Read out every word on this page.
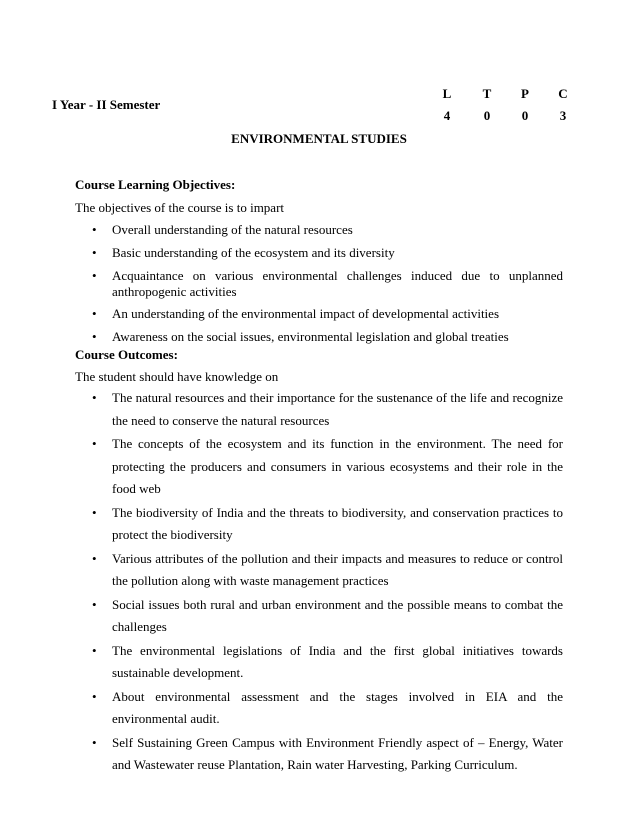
I Year - II Semester
L	T	P	C
4	0	0	3
ENVIRONMENTAL STUDIES
Course Learning Objectives:
The objectives of the course is to impart
• Overall understanding of the natural resources
• Basic understanding of the ecosystem and its diversity
• Acquaintance on various environmental challenges induced due to unplanned anthropogenic activities
• An understanding of the environmental impact of developmental activities
• Awareness on the social issues, environmental legislation and global treaties
Course Outcomes:
The student should have knowledge on
• The natural resources and their importance for the sustenance of the life and recognize the need to conserve the natural resources
• The concepts of the ecosystem and its function in the environment. The need for protecting the producers and consumers in various ecosystems and their role in the food web
• The biodiversity of India and the threats to biodiversity, and conservation practices to protect the biodiversity
• Various attributes of the pollution and their impacts and measures to reduce or control the pollution along with waste management practices
• Social issues both rural and urban environment and the possible means to combat the challenges
• The environmental legislations of India and the first global initiatives towards sustainable development.
• About environmental assessment and the stages involved in EIA and the environmental audit.
• Self Sustaining Green Campus with Environment Friendly aspect of – Energy, Water and Wastewater reuse Plantation, Rain water Harvesting, Parking Curriculum.
